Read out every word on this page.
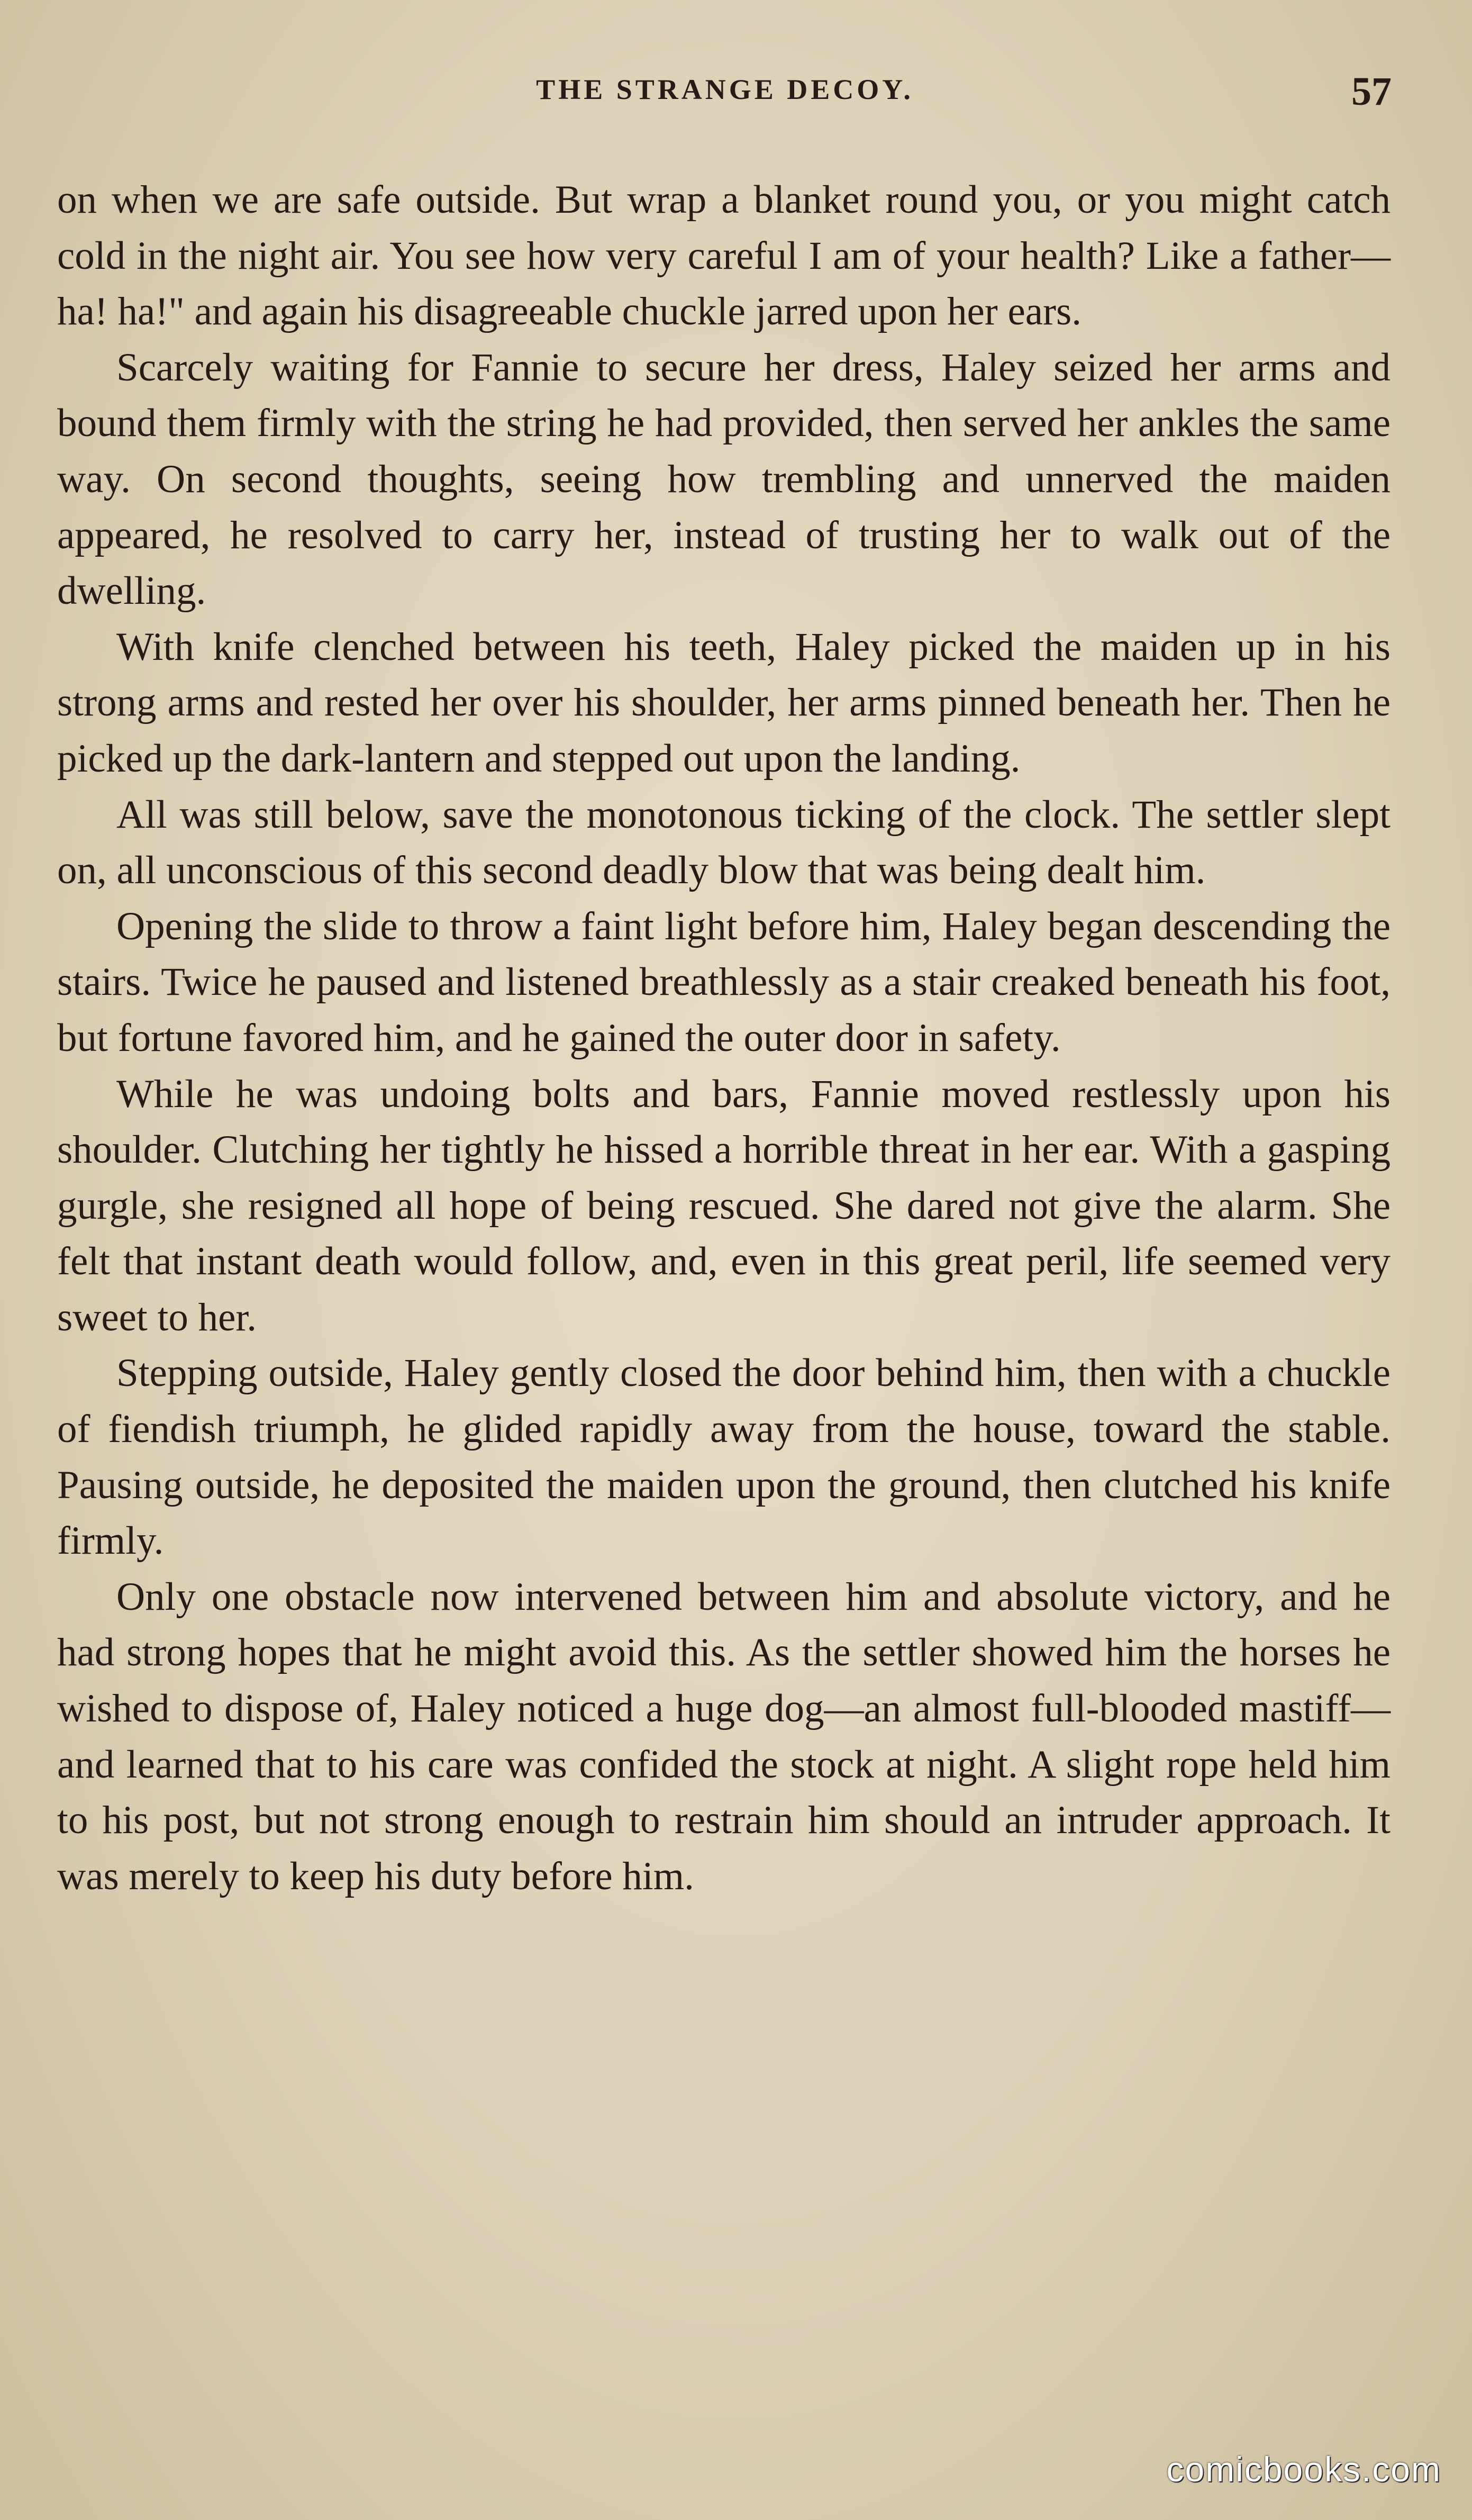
THE STRANGE DECOY.	57

on when we are safe outside. But wrap a blanket round you, or you might catch cold in the night air. You see how very careful I am of your health? Like a father—ha! ha!" and again his disagreeable chuckle jarred upon her ears.

Scarcely waiting for Fannie to secure her dress, Haley seized her arms and bound them firmly with the string he had provided, then served her ankles the same way. On second thoughts, seeing how trembling and unnerved the maiden appeared, he resolved to carry her, instead of trusting her to walk out of the dwelling.

With knife clenched between his teeth, Haley picked the maiden up in his strong arms and rested her over his shoulder, her arms pinned beneath her. Then he picked up the dark-lantern and stepped out upon the landing.

All was still below, save the monotonous ticking of the clock. The settler slept on, all unconscious of this second deadly blow that was being dealt him.

Opening the slide to throw a faint light before him, Haley began descending the stairs. Twice he paused and listened breathlessly as a stair creaked beneath his foot, but fortune favored him, and he gained the outer door in safety.

While he was undoing bolts and bars, Fannie moved restlessly upon his shoulder. Clutching her tightly he hissed a horrible threat in her ear. With a gasping gurgle, she resigned all hope of being rescued. She dared not give the alarm. She felt that instant death would follow, and, even in this great peril, life seemed very sweet to her.

Stepping outside, Haley gently closed the door behind him, then with a chuckle of fiendish triumph, he glided rapidly away from the house, toward the stable. Pausing outside, he deposited the maiden upon the ground, then clutched his knife firmly.

Only one obstacle now intervened between him and absolute victory, and he had strong hopes that he might avoid this. As the settler showed him the horses he wished to dispose of, Haley noticed a huge dog—an almost full-blooded mastiff—and learned that to his care was confided the stock at night. A slight rope held him to his post, but not strong enough to restrain him should an intruder approach. It was merely to keep his duty before him.

comicbooks.com
